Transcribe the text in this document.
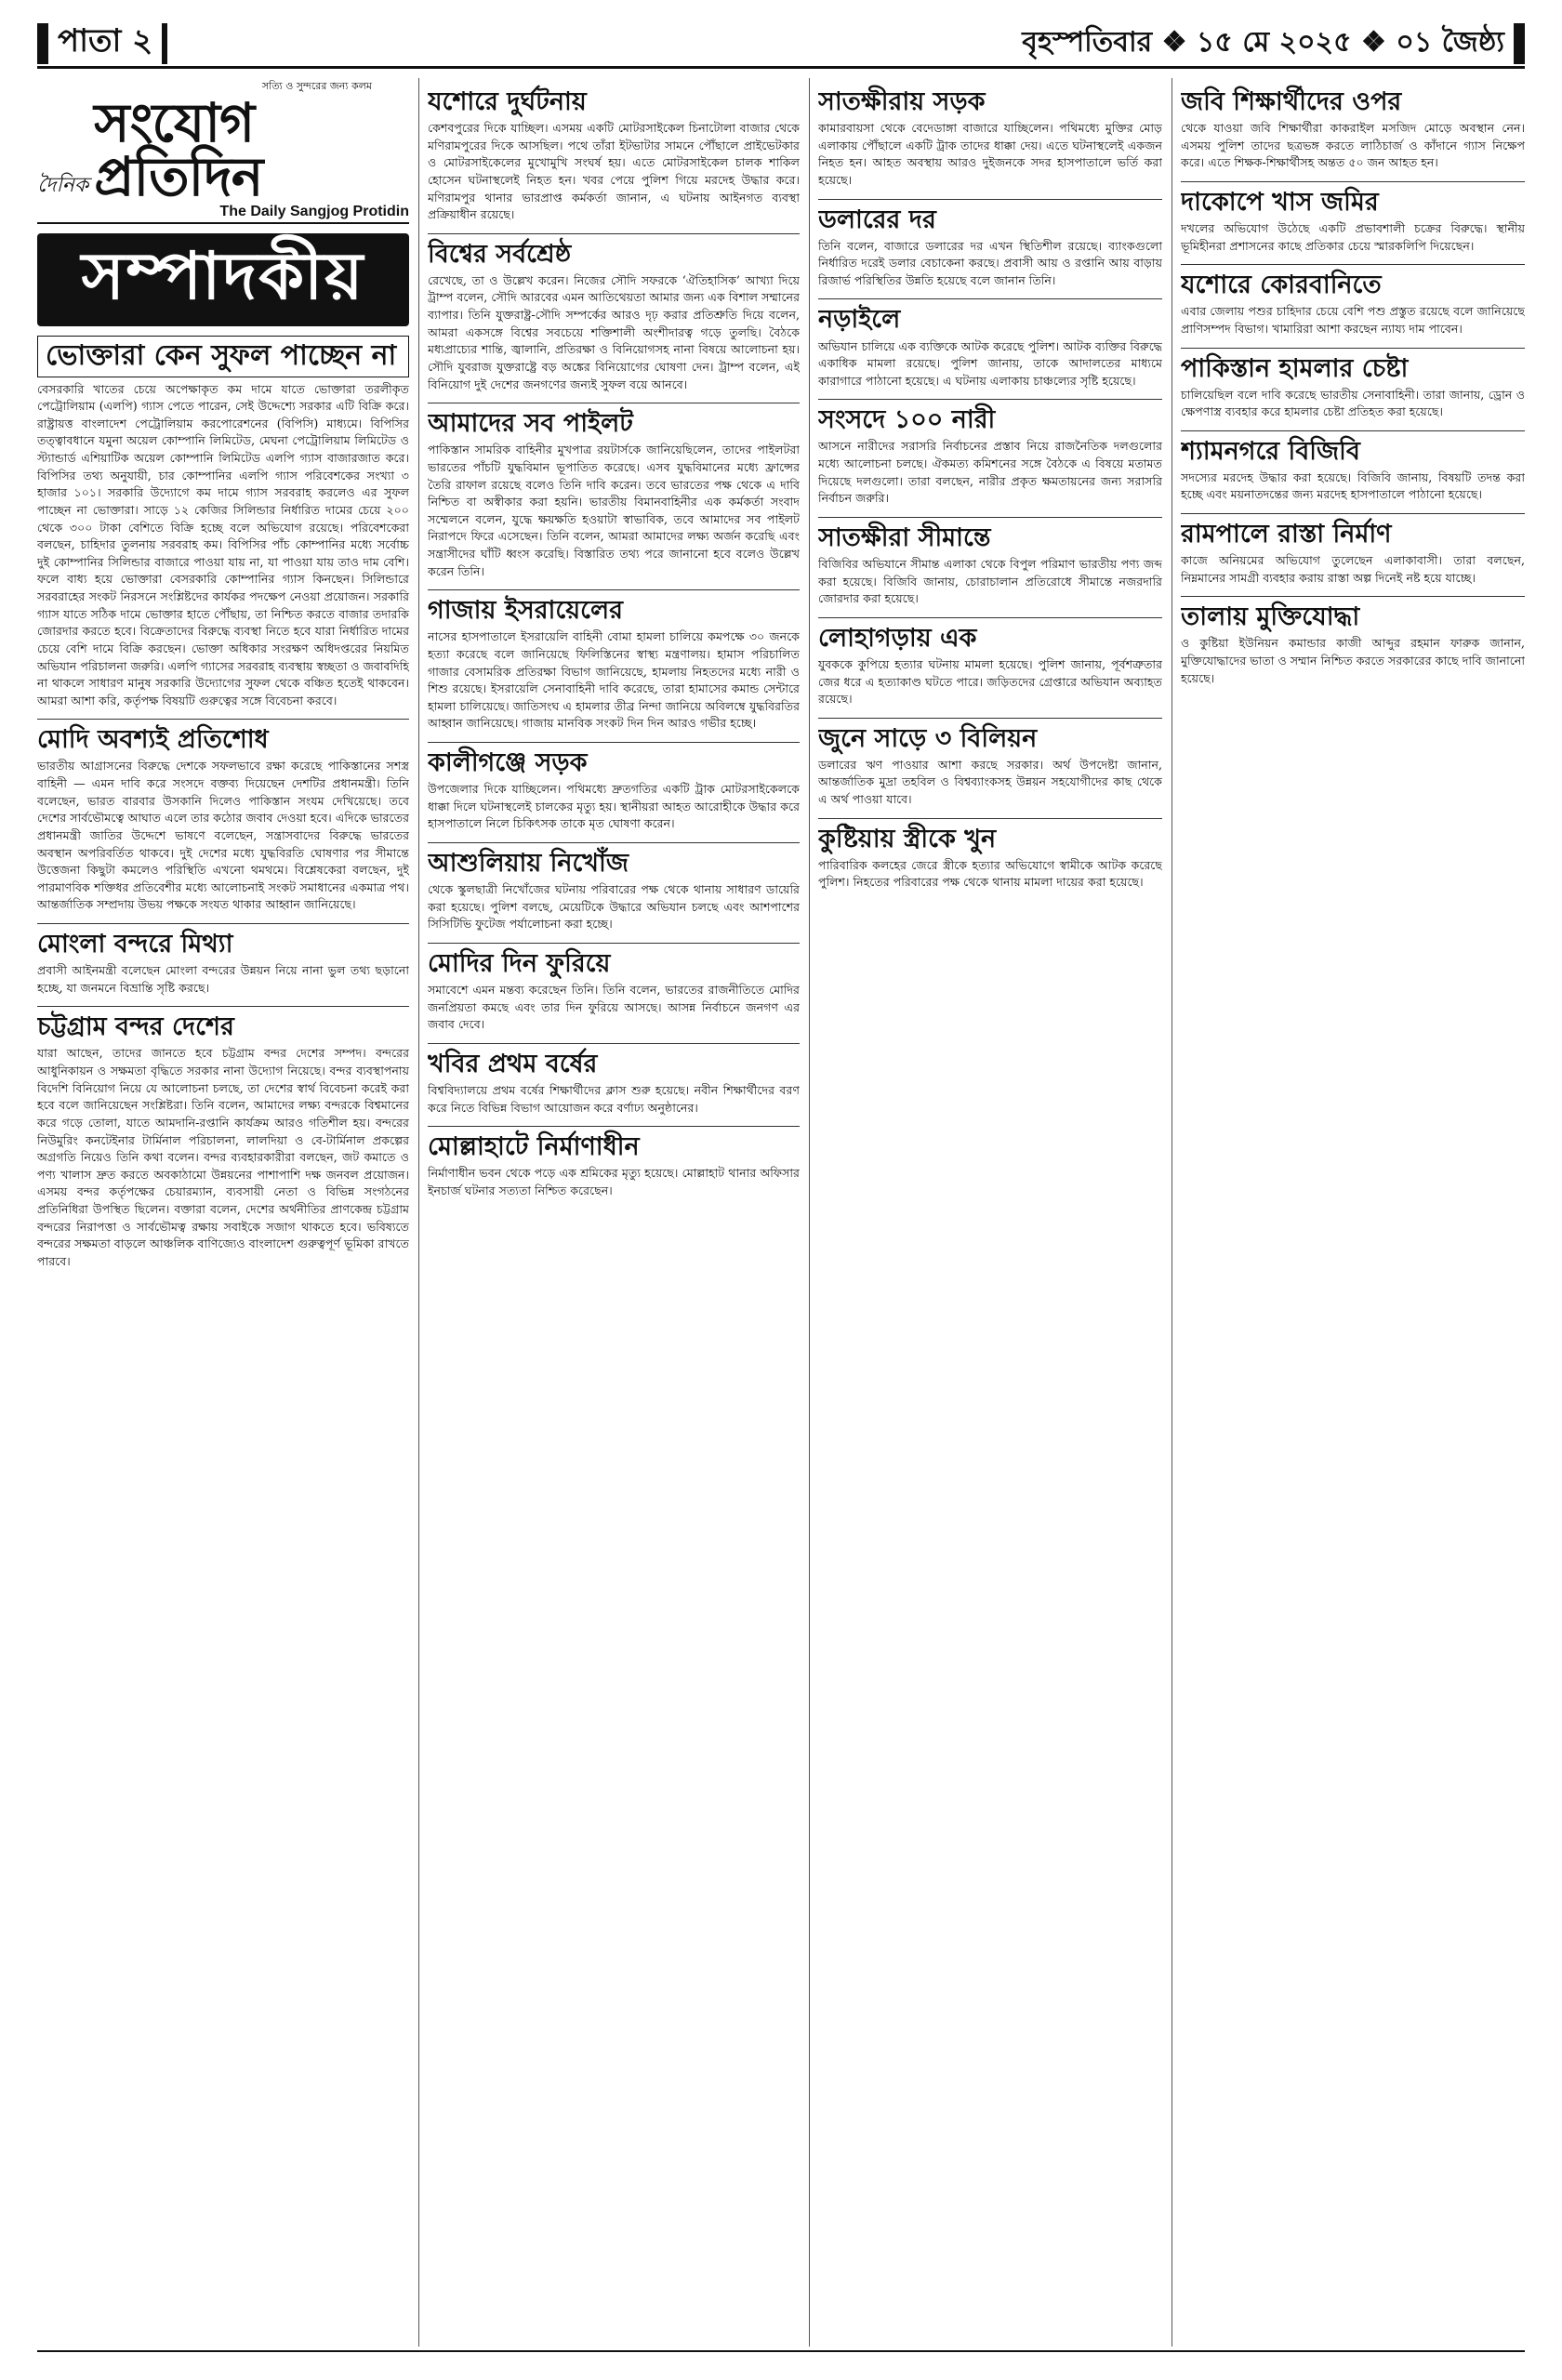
পাতা ২	বৃহস্পতিবার ❖ ১৫ মে ২০২৫ ❖ ০১ জৈষ্ঠ্য
সত্যি ও সুন্দরের জন্য কলম
দৈনিক
সংযোগ প্রতিদিন
The Daily Sangjog Protidin
সম্পাদকীয়
ভোক্তারা কেন সুফল পাচ্ছেন না

বেসরকারি খাতের চেয়ে অপেক্ষাকৃত কম দামে যাতে ভোক্তারা তরলীকৃত পেট্রোলিয়াম (এলপি) গ্যাস পেতে পারেন, সেই উদ্দেশ্যে সরকার এটি বিক্রি করে। রাষ্ট্রায়ত্ত বাংলাদেশ পেট্রোলিয়াম করপোরেশনের (বিপিসি) মাধ্যমে। বিপিসির তত্ত্বাবধানে যমুনা অয়েল কোম্পানি লিমিটেড, মেঘনা পেট্রোলিয়াম লিমিটেড ও স্ট্যান্ডার্ড এশিয়াটিক অয়েল কোম্পানি লিমিটেড এলপি গ্যাস বাজারজাত করে। বিপিসির তথ্য অনুযায়ী, চার কোম্পানির এলপি গ্যাস পরিবেশকের সংখ্যা ৩ হাজার ১০১। সরকারি উদ্যোগে কম দামে গ্যাস সরবরাহ করলেও এর সুফল পাচ্ছেন না ভোক্তারা। সাড়ে ১২ কেজির সিলিন্ডার নির্ধারিত দামের চেয়ে ২০০ থেকে ৩০০ টাকা বেশিতে বিক্রি হচ্ছে বলে অভিযোগ রয়েছে। পরিবেশকেরা বলছেন, চাহিদার তুলনায় সরবরাহ কম। বিপিসির পাঁচ কোম্পানির মধ্যে সর্বোচ্চ দুই কোম্পানির সিলিন্ডার বাজারে পাওয়া যায় না, যা পাওয়া যায় তাও দাম বেশি। ফলে বাধ্য হয়ে ভোক্তারা বেসরকারি কোম্পানির গ্যাস কিনছেন। সিলিন্ডারে সরবরাহের সংকট নিরসনে সংশ্লিষ্টদের কার্যকর পদক্ষেপ নেওয়া প্রয়োজন। সরকারি গ্যাস যাতে সঠিক দামে ভোক্তার হাতে পৌঁছায়, তা নিশ্চিত করতে বাজার তদারকি জোরদার করতে হবে। বিক্রেতাদের বিরুদ্ধে ব্যবস্থা নিতে হবে যারা নির্ধারিত দামের চেয়ে বেশি দামে বিক্রি করছেন। ভোক্তা অধিকার সংরক্ষণ অধিদপ্তরের নিয়মিত অভিযান পরিচালনা জরুরি। এলপি গ্যাসের সরবরাহ ব্যবস্থায় স্বচ্ছতা ও জবাবদিহি না থাকলে সাধারণ মানুষ সরকারি উদ্যোগের সুফল থেকে বঞ্চিত হতেই থাকবেন। আমরা আশা করি, কর্তৃপক্ষ বিষয়টি গুরুত্বের সঙ্গে বিবেচনা করবে।

মোদি অবশ্যই প্রতিশোধ

ভারতীয় আগ্রাসনের বিরুদ্ধে দেশকে সফলভাবে রক্ষা করেছে পাকিস্তানের সশস্ত্র বাহিনী — এমন দাবি করে সংসদে বক্তব্য দিয়েছেন দেশটির প্রধানমন্ত্রী। তিনি বলেছেন, ভারত বারবার উসকানি দিলেও পাকিস্তান সংযম দেখিয়েছে। তবে দেশের সার্বভৌমত্বে আঘাত এলে তার কঠোর জবাব দেওয়া হবে। এদিকে ভারতের প্রধানমন্ত্রী জাতির উদ্দেশে ভাষণে বলেছেন, সন্ত্রাসবাদের বিরুদ্ধে ভারতের অবস্থান অপরিবর্তিত থাকবে। দুই দেশের মধ্যে যুদ্ধবিরতি ঘোষণার পর সীমান্তে উত্তেজনা কিছুটা কমলেও পরিস্থিতি এখনো থমথমে। বিশ্লেষকেরা বলছেন, দুই পারমাণবিক শক্তিধর প্রতিবেশীর মধ্যে আলোচনাই সংকট সমাধানের একমাত্র পথ। আন্তর্জাতিক সম্প্রদায় উভয় পক্ষকে সংযত থাকার আহ্বান জানিয়েছে।

মোংলা বন্দরে মিথ্যা

প্রবাসী আইনমন্ত্রী বলেছেন মোংলা বন্দরের উন্নয়ন নিয়ে নানা ভুল তথ্য ছড়ানো হচ্ছে, যা জনমনে বিভ্রান্তি সৃষ্টি করছে।

চট্টগ্রাম বন্দর দেশের

যারা আছেন, তাদের জানতে হবে চট্টগ্রাম বন্দর দেশের সম্পদ। বন্দরের আধুনিকায়ন ও সক্ষমতা বৃদ্ধিতে সরকার নানা উদ্যোগ নিয়েছে। বন্দর ব্যবস্থাপনায় বিদেশি বিনিয়োগ নিয়ে যে আলোচনা চলছে, তা দেশের স্বার্থ বিবেচনা করেই করা হবে বলে জানিয়েছেন সংশ্লিষ্টরা। তিনি বলেন, আমাদের লক্ষ্য বন্দরকে বিশ্বমানের করে গড়ে তোলা, যাতে আমদানি-রপ্তানি কার্যক্রম আরও গতিশীল হয়। বন্দরের নিউমুরিং কনটেইনার টার্মিনাল পরিচালনা, লালদিয়া ও বে-টার্মিনাল প্রকল্পের অগ্রগতি নিয়েও তিনি কথা বলেন। বন্দর ব্যবহারকারীরা বলছেন, জট কমাতে ও পণ্য খালাস দ্রুত করতে অবকাঠামো উন্নয়নের পাশাপাশি দক্ষ জনবল প্রয়োজন। এসময় বন্দর কর্তৃপক্ষের চেয়ারম্যান, ব্যবসায়ী নেতা ও বিভিন্ন সংগঠনের প্রতিনিধিরা উপস্থিত ছিলেন। বক্তারা বলেন, দেশের অর্থনীতির প্রাণকেন্দ্র চট্টগ্রাম বন্দরের নিরাপত্তা ও সার্বভৌমত্ব রক্ষায় সবাইকে সজাগ থাকতে হবে। ভবিষ্যতে বন্দরের সক্ষমতা বাড়লে আঞ্চলিক বাণিজ্যেও বাংলাদেশ গুরুত্বপূর্ণ ভূমিকা রাখতে পারবে।

যশোরে দুর্ঘটনায়

কেশবপুরের দিকে যাচ্ছিল। এসময় একটি মোটরসাইকেল চিনাটোলা বাজার থেকে মণিরামপুরের দিকে আসছিল। পথে তাঁরা ইটভাটার সামনে পৌঁছালে প্রাইভেটকার ও মোটরসাইকেলের মুখোমুখি সংঘর্ষ হয়। এতে মোটরসাইকেল চালক শাকিল হোসেন ঘটনাস্থলেই নিহত হন। খবর পেয়ে পুলিশ গিয়ে মরদেহ উদ্ধার করে। মণিরামপুর থানার ভারপ্রাপ্ত কর্মকর্তা জানান, এ ঘটনায় আইনগত ব্যবস্থা প্রক্রিয়াধীন রয়েছে।

বিশ্বের সর্বশ্রেষ্ঠ

রেখেছে, তা ও উল্লেখ করেন। নিজের সৌদি সফরকে ‘ঐতিহাসিক’ আখ্যা দিয়ে ট্রাম্প বলেন, সৌদি আরবের এমন আতিথেয়তা আমার জন্য এক বিশাল সম্মানের ব্যাপার। তিনি যুক্তরাষ্ট্র-সৌদি সম্পর্কের আরও দৃঢ় করার প্রতিশ্রুতি দিয়ে বলেন, আমরা একসঙ্গে বিশ্বের সবচেয়ে শক্তিশালী অংশীদারত্ব গড়ে তুলছি। বৈঠকে মধ্যপ্রাচ্যের শান্তি, জ্বালানি, প্রতিরক্ষা ও বিনিয়োগসহ নানা বিষয়ে আলোচনা হয়। সৌদি যুবরাজ যুক্তরাষ্ট্রে বড় অঙ্কের বিনিয়োগের ঘোষণা দেন। ট্রাম্প বলেন, এই বিনিয়োগ দুই দেশের জনগণের জন্যই সুফল বয়ে আনবে।

আমাদের সব পাইলট

পাকিস্তান সামরিক বাহিনীর মুখপাত্র রয়টার্সকে জানিয়েছিলেন, তাদের পাইলটরা ভারতের পাঁচটি যুদ্ধবিমান ভূপাতিত করেছে। এসব যুদ্ধবিমানের মধ্যে ফ্রান্সের তৈরি রাফাল রয়েছে বলেও তিনি দাবি করেন। তবে ভারতের পক্ষ থেকে এ দাবি নিশ্চিত বা অস্বীকার করা হয়নি। ভারতীয় বিমানবাহিনীর এক কর্মকর্তা সংবাদ সম্মেলনে বলেন, যুদ্ধে ক্ষয়ক্ষতি হওয়াটা স্বাভাবিক, তবে আমাদের সব পাইলট নিরাপদে ফিরে এসেছেন। তিনি বলেন, আমরা আমাদের লক্ষ্য অর্জন করেছি এবং সন্ত্রাসীদের ঘাঁটি ধ্বংস করেছি। বিস্তারিত তথ্য পরে জানানো হবে বলেও উল্লেখ করেন তিনি।

গাজায় ইসরায়েলের

নাসের হাসপাতালে ইসরায়েলি বাহিনী বোমা হামলা চালিয়ে কমপক্ষে ৩০ জনকে হত্যা করেছে বলে জানিয়েছে ফিলিস্তিনের স্বাস্থ্য মন্ত্রণালয়। হামাস পরিচালিত গাজার বেসামরিক প্রতিরক্ষা বিভাগ জানিয়েছে, হামলায় নিহতদের মধ্যে নারী ও শিশু রয়েছে। ইসরায়েলি সেনাবাহিনী দাবি করেছে, তারা হামাসের কমান্ড সেন্টারে হামলা চালিয়েছে। জাতিসংঘ এ হামলার তীব্র নিন্দা জানিয়ে অবিলম্বে যুদ্ধবিরতির আহ্বান জানিয়েছে। গাজায় মানবিক সংকট দিন দিন আরও গভীর হচ্ছে।

কালীগঞ্জে সড়ক

উপজেলার দিকে যাচ্ছিলেন। পথিমধ্যে দ্রুতগতির একটি ট্রাক মোটরসাইকেলকে ধাক্কা দিলে ঘটনাস্থলেই চালকের মৃত্যু হয়। স্থানীয়রা আহত আরোহীকে উদ্ধার করে হাসপাতালে নিলে চিকিৎসক তাকে মৃত ঘোষণা করেন।

আশুলিয়ায় নিখোঁজ

থেকে স্কুলছাত্রী নিখোঁজের ঘটনায় পরিবারের পক্ষ থেকে থানায় সাধারণ ডায়েরি করা হয়েছে। পুলিশ বলছে, মেয়েটিকে উদ্ধারে অভিযান চলছে এবং আশপাশের সিসিটিভি ফুটেজ পর্যালোচনা করা হচ্ছে।

মোদির দিন ফুরিয়ে

সমাবেশে এমন মন্তব্য করেছেন তিনি। তিনি বলেন, ভারতের রাজনীতিতে মোদির জনপ্রিয়তা কমছে এবং তার দিন ফুরিয়ে আসছে। আসন্ন নির্বাচনে জনগণ এর জবাব দেবে।

খবির প্রথম বর্ষের

বিশ্ববিদ্যালয়ে প্রথম বর্ষের শিক্ষার্থীদের ক্লাস শুরু হয়েছে। নবীন শিক্ষার্থীদের বরণ করে নিতে বিভিন্ন বিভাগ আয়োজন করে বর্ণাঢ্য অনুষ্ঠানের।

মোল্লাহাটে নির্মাণাধীন

নির্মাণাধীন ভবন থেকে পড়ে এক শ্রমিকের মৃত্যু হয়েছে। মোল্লাহাট থানার অফিসার ইনচার্জ ঘটনার সত্যতা নিশ্চিত করেছেন।

সাতক্ষীরায় সড়ক

কামারবায়সা থেকে বেদেডাঙ্গা বাজারে যাচ্ছিলেন। পথিমধ্যে মুক্তির মোড় এলাকায় পৌঁছালে একটি ট্রাক তাদের ধাক্কা দেয়। এতে ঘটনাস্থলেই একজন নিহত হন। আহত অবস্থায় আরও দুইজনকে সদর হাসপাতালে ভর্তি করা হয়েছে।

ডলারের দর

তিনি বলেন, বাজারে ডলারের দর এখন স্থিতিশীল রয়েছে। ব্যাংকগুলো নির্ধারিত দরেই ডলার বেচাকেনা করছে। প্রবাসী আয় ও রপ্তানি আয় বাড়ায় রিজার্ভ পরিস্থিতির উন্নতি হয়েছে বলে জানান তিনি।

নড়াইলে

অভিযান চালিয়ে এক ব্যক্তিকে আটক করেছে পুলিশ। আটক ব্যক্তির বিরুদ্ধে একাধিক মামলা রয়েছে। পুলিশ জানায়, তাকে আদালতের মাধ্যমে কারাগারে পাঠানো হয়েছে। এ ঘটনায় এলাকায় চাঞ্চল্যের সৃষ্টি হয়েছে।

সংসদে ১০০ নারী

আসনে নারীদের সরাসরি নির্বাচনের প্রস্তাব নিয়ে রাজনৈতিক দলগুলোর মধ্যে আলোচনা চলছে। ঐকমত্য কমিশনের সঙ্গে বৈঠকে এ বিষয়ে মতামত দিয়েছে দলগুলো। তারা বলছেন, নারীর প্রকৃত ক্ষমতায়নের জন্য সরাসরি নির্বাচন জরুরি।

সাতক্ষীরা সীমান্তে

বিজিবির অভিযানে সীমান্ত এলাকা থেকে বিপুল পরিমাণ ভারতীয় পণ্য জব্দ করা হয়েছে। বিজিবি জানায়, চোরাচালান প্রতিরোধে সীমান্তে নজরদারি জোরদার করা হয়েছে।

লোহাগড়ায় এক

যুবককে কুপিয়ে হত্যার ঘটনায় মামলা হয়েছে। পুলিশ জানায়, পূর্বশত্রুতার জের ধরে এ হত্যাকাণ্ড ঘটতে পারে। জড়িতদের গ্রেপ্তারে অভিযান অব্যাহত রয়েছে।

জুনে সাড়ে ৩ বিলিয়ন

ডলারের ঋণ পাওয়ার আশা করছে সরকার। অর্থ উপদেষ্টা জানান, আন্তর্জাতিক মুদ্রা তহবিল ও বিশ্বব্যাংকসহ উন্নয়ন সহযোগীদের কাছ থেকে এ অর্থ পাওয়া যাবে।

কুষ্টিয়ায় স্ত্রীকে খুন

পারিবারিক কলহের জেরে স্ত্রীকে হত্যার অভিযোগে স্বামীকে আটক করেছে পুলিশ। নিহতের পরিবারের পক্ষ থেকে থানায় মামলা দায়ের করা হয়েছে।

জবি শিক্ষার্থীদের ওপর

থেকে যাওয়া জবি শিক্ষার্থীরা কাকরাইল মসজিদ মোড়ে অবস্থান নেন। এসময় পুলিশ তাদের ছত্রভঙ্গ করতে লাঠিচার্জ ও কাঁদানে গ্যাস নিক্ষেপ করে। এতে শিক্ষক-শিক্ষার্থীসহ অন্তত ৫০ জন আহত হন।

দাকোপে খাস জমির

দখলের অভিযোগ উঠেছে একটি প্রভাবশালী চক্রের বিরুদ্ধে। স্থানীয় ভূমিহীনরা প্রশাসনের কাছে প্রতিকার চেয়ে স্মারকলিপি দিয়েছেন।

যশোরে কোরবানিতে

এবার জেলায় পশুর চাহিদার চেয়ে বেশি পশু প্রস্তুত রয়েছে বলে জানিয়েছে প্রাণিসম্পদ বিভাগ। খামারিরা আশা করছেন ন্যায্য দাম পাবেন।

পাকিস্তান হামলার চেষ্টা

চালিয়েছিল বলে দাবি করেছে ভারতীয় সেনাবাহিনী। তারা জানায়, ড্রোন ও ক্ষেপণাস্ত্র ব্যবহার করে হামলার চেষ্টা প্রতিহত করা হয়েছে।

শ্যামনগরে বিজিবি

সদস্যের মরদেহ উদ্ধার করা হয়েছে। বিজিবি জানায়, বিষয়টি তদন্ত করা হচ্ছে এবং ময়নাতদন্তের জন্য মরদেহ হাসপাতালে পাঠানো হয়েছে।

রামপালে রাস্তা নির্মাণ

কাজে অনিয়মের অভিযোগ তুলেছেন এলাকাবাসী। তারা বলছেন, নিম্নমানের সামগ্রী ব্যবহার করায় রাস্তা অল্প দিনেই নষ্ট হয়ে যাচ্ছে।

তালায় মুক্তিযোদ্ধা

ও কুষ্টিয়া ইউনিয়ন কমান্ডার কাজী আব্দুর রহমান ফারুক জানান, মুক্তিযোদ্ধাদের ভাতা ও সম্মান নিশ্চিত করতে সরকারের কাছে দাবি জানানো হয়েছে।
